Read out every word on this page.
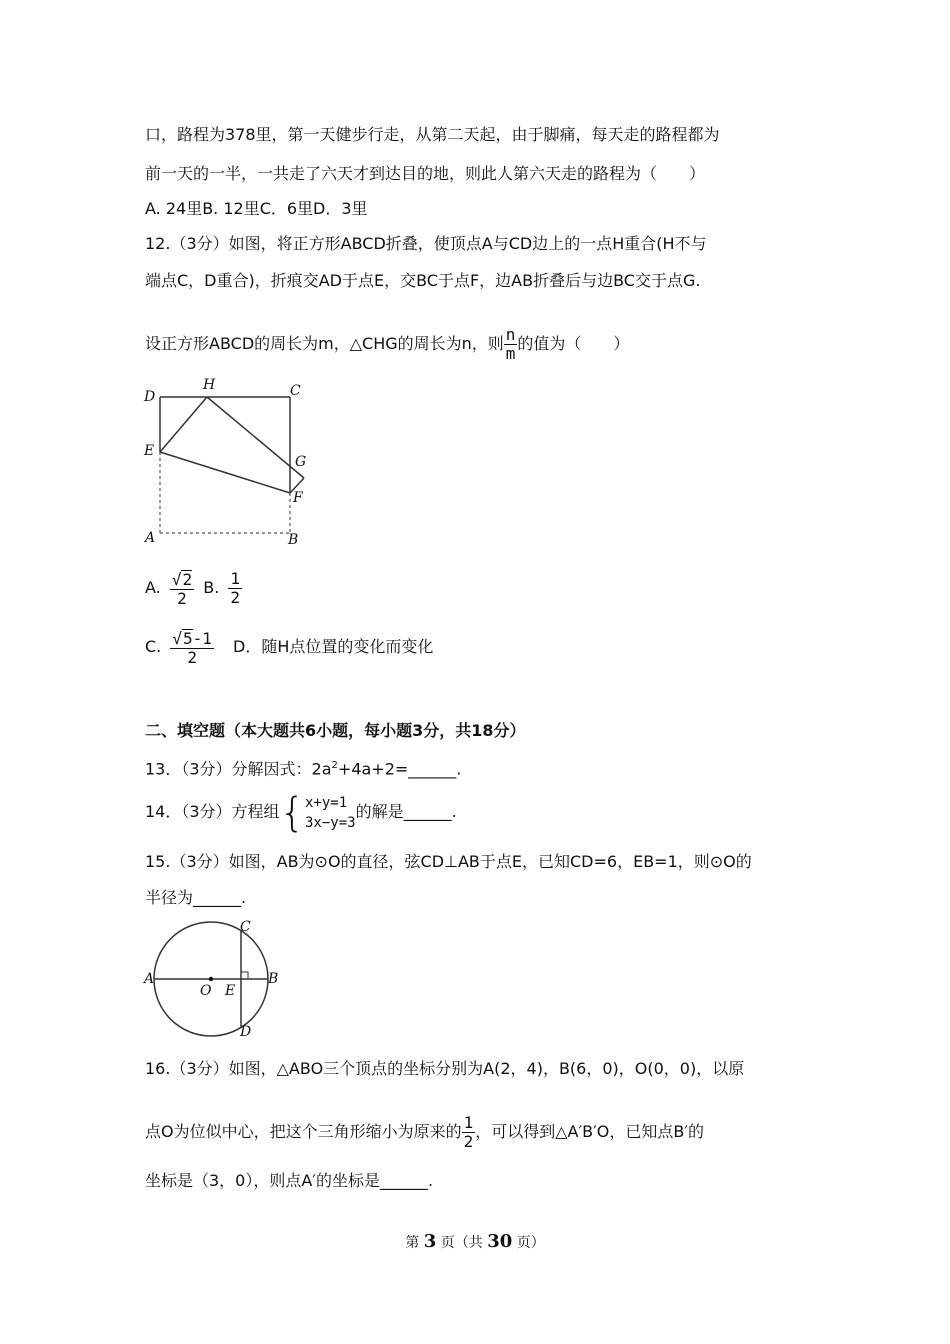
口，路程为378里，第一天健步行走，从第二天起，由于脚痛，每天走的路程都为
前一天的一半，一共走了六天才到达目的地，则此人第六天走的路程为（　　）
A. 24里B. 12里C．6里D．3里
12.（3分）如图，将正方形ABCD折叠，使顶点A与CD边上的一点H重合(H不与
端点C，D重合)，折痕交AD于点E，交BC于点F，边AB折叠后与边BC交于点G.
设正方形ABCD的周长为m，△CHG的周长为n，则 $\frac{n}{m}$ 的值为（　　）
D
H	C
E
G
F
A	B
A. $\frac{√2}{2} B$. $\frac{1}{2}$
C. $\frac{√5-1}{2}$ D．随H点位置的变化而变化
二、填空题（本大题共6小题，每小题3分，共18分）
13．（3分）分解因式：$2a^2+4a+2=\_\_\_\_\_\_$.
14．（3分）方程组{ x+y=1
3x−y=3
的解是______.
15.（3分）如图，AB为⊙O的直径，弦CD⊥AB于点E，已知CD=6，EB=1，则⊙O的
半径为______.
A	B
C
D
O E
16.（3分）如图，△ABO三个顶点的坐标分别为A(2，4)，B(6，0)，O(0，0)，以原
点O为位似中心，把这个三角形缩小为原来的 $\frac{1}{2}$ ，可以得到△A′B′O，已知点B′的
坐标是（3，0），则点A′的坐标是______.
第 3 页（共 30 页）
